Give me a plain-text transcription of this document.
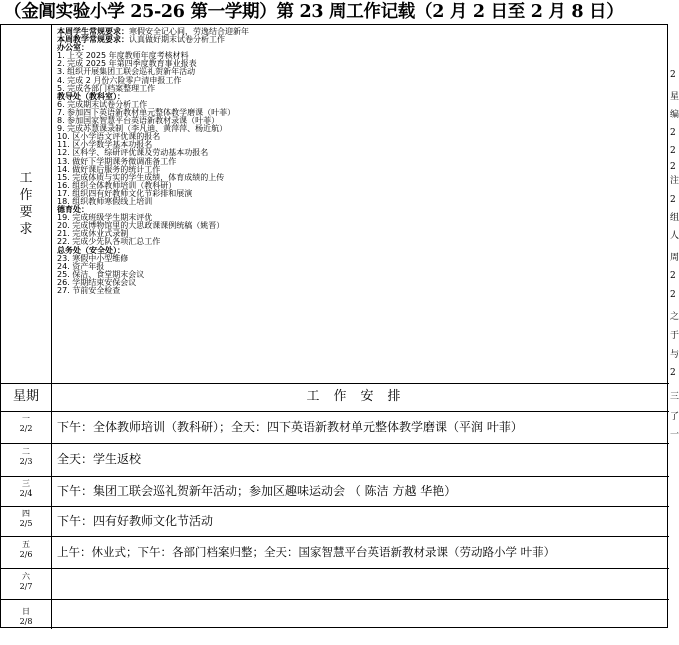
（金阊实验小学 25-26 第一学期）第 23 周工作记载（2 月 2 日至 2 月 8 日）
工作要求
本周学生常规要求：寒假安全记心间，劳逸结合迎新年
本周教学常规要求：认真做好期末试卷分析工作
办公室：
1. 上交 2025 年度教师年度考核材料
2. 完成 2025 年第四季度教育事业报表
3. 组织开展集团工联会巡礼贺新年活动
4. 完成 2 月份六险零户清申报工作
5. 完成各部门档案整理工作
教导处（教科室）：
6. 完成期末试卷分析工作
7. 参加四下英语新教材单元整体教学磨课（叶菲）
8. 参加国家智慧平台英语新教材录课（叶菲）
9. 完成苏慧课录制（李凡迪、黄萍萍、杨近航）
10. 区小学语文评优课的报名
11. 区小学数学基本功报名
12. 区科学、综研评优课及劳动基本功报名
13. 做好下学期课务微调准备工作
14. 做好课后服务的统计工作
15. 完成体质与实的学生成绩，体育成绩的上传
16. 组织全体教师培训（教科研）
17. 组织四有好教师文化节彩排和展演
18. 组织教师寒假线上培训
德育处：
19. 完成班级学生期末评优
20. 完成博物馆里的大思政课课例统稿（姚晋）
21. 完成休业式录制
22. 完成少先队各项汇总工作
总务处（安全处）：
23. 寒假中小型维修
24. 资产年报
25. 保洁、食堂期末会议
26. 学期结束安保会议
27. 节前安全检查
星期	工作安排
一
2/2	下午：全体教师培训（教科研）；全天：四下英语新教材单元整体教学磨课（平润 叶菲）
二
2/3	全天：学生返校
三
2/4	下午：集团工联会巡礼贺新年活动；参加区趣味运动会 （ 陈洁 方越 华艳）
四
2/5	下午：四有好教师文化节活动
五
2/6	上午：休业式；下午：各部门档案归整；全天：国家智慧平台英语新教材录课（劳动路小学 叶菲）
六
2/7
日
2/8
2
星
编
2
2
2
注
2
组
人
周
2
2
之
于
与
2
三
了
一
